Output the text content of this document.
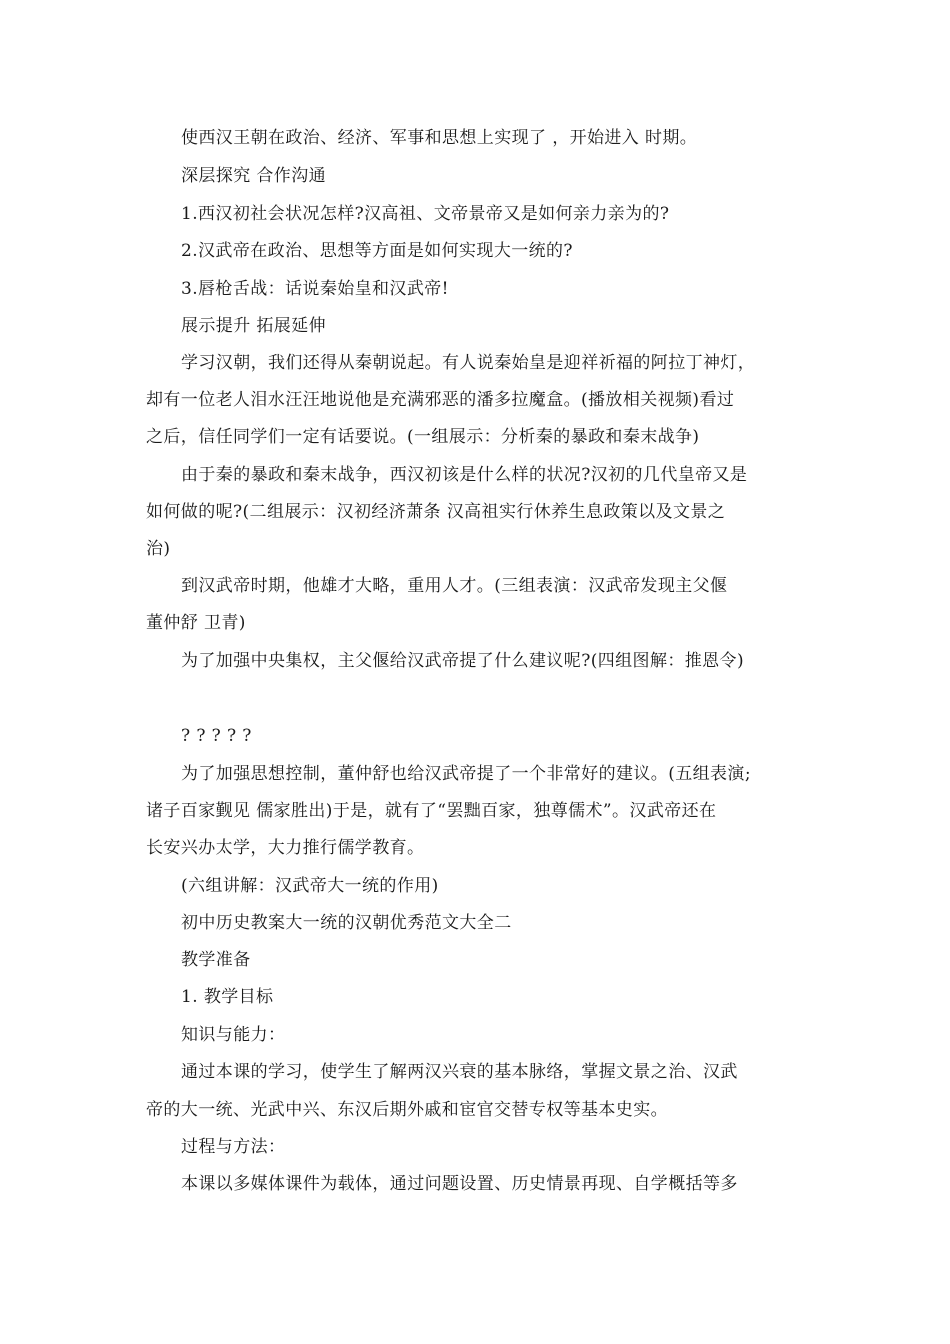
使西汉王朝在政治、经济、军事和思想上实现了 ，开始进入 时期。
深层探究 合作沟通
1.西汉初社会状况怎样?汉高祖、文帝景帝又是如何亲力亲为的?
2.汉武帝在政治、思想等方面是如何实现大一统的?
3.唇枪舌战：话说秦始皇和汉武帝!
展示提升 拓展延伸
学习汉朝，我们还得从秦朝说起。有人说秦始皇是迎祥祈福的阿拉丁神灯，
却有一位老人泪水汪汪地说他是充满邪恶的潘多拉魔盒。(播放相关视频)看过
之后，信任同学们一定有话要说。(一组展示：分析秦的暴政和秦末战争)
由于秦的暴政和秦末战争，西汉初该是什么样的状况?汉初的几代皇帝又是
如何做的呢?(二组展示：汉初经济萧条 汉高祖实行休养生息政策以及文景之
治)
到汉武帝时期，他雄才大略，重用人才。(三组表演：汉武帝发现主父偃
董仲舒 卫青)
为了加强中央集权，主父偃给汉武帝提了什么建议呢?(四组图解：推恩令)
? ? ? ? ?
为了加强思想控制，董仲舒也给汉武帝提了一个非常好的建议。(五组表演;
诸子百家觐见 儒家胜出)于是，就有了“罢黜百家，独尊儒术”。汉武帝还在
长安兴办太学，大力推行儒学教育。
(六组讲解：汉武帝大一统的作用)
初中历史教案大一统的汉朝优秀范文大全二
教学准备
1. 教学目标
知识与能力：
通过本课的学习，使学生了解两汉兴衰的基本脉络，掌握文景之治、汉武
帝的大一统、光武中兴、东汉后期外戚和宦官交替专权等基本史实。
过程与方法：
本课以多媒体课件为载体，通过问题设置、历史情景再现、自学概括等多
